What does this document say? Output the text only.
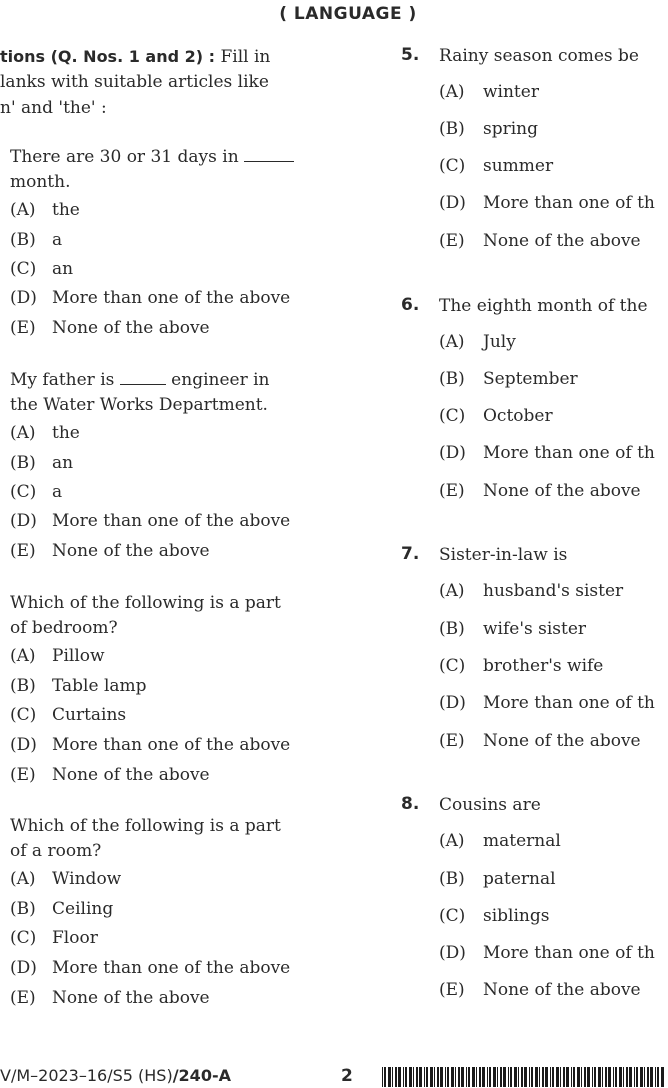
( LANGUAGE )
tions (Q. Nos. 1 and 2) : Fill in
lanks with suitable articles like
n' and 'the' :
There are 30 or 31 days in
month.
(A) the
(B) a
(C) an
(D) More than one of the above
(E) None of the above
My father is	engineer in
the Water Works Department.
(A) the
(B) an
(C) a
(D) More than one of the above
(E) None of the above
Which of the following is a part
of bedroom?
(A) Pillow
(B) Table lamp
(C) Curtains
(D) More than one of the above
(E) None of the above
Which of the following is a part
of a room?
(A) Window
(B) Ceiling
(C) Floor
(D) More than one of the above
(E) None of the above
5. Rainy season comes be
(A) winter
(B) spring
(C) summer
(D) More than one of th
(E) None of the above
6. The eighth month of the
(A) July
(B) September
(C) October
(D) More than one of th
(E) None of the above
7. Sister-in-law is
(A) husband's sister
(B) wife's sister
(C) brother's wife
(D) More than one of th
(E) None of the above
8. Cousins are
(A) maternal
(B) paternal
(C) siblings
(D) More than one of th
(E) None of the above
V/M–2023–16/S5 (HS)/240-A	2
